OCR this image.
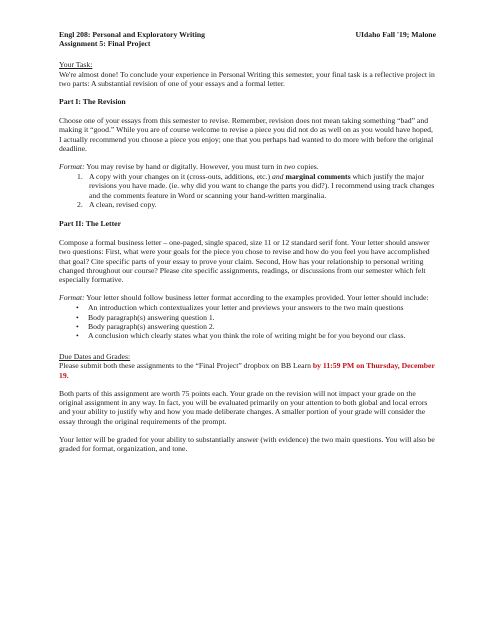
Engl 208: Personal and Exploratory Writing	UIdaho Fall '19; Malone
Assignment 5: Final Project
Your Task:

We're almost done! To conclude your experience in Personal Writing this semester, your final task is a reflective project in two parts: A substantial revision of one of your essays and a formal letter.

Part I: The Revision

Choose one of your essays from this semester to revise. Remember, revision does not mean taking something “bad” and making it “good.” While you are of course welcome to revise a piece you did not do as well on as you would have hoped, I actually recommend you choose a piece you enjoy; one that you perhaps had wanted to do more with before the original deadline.

Format: You may revise by hand or digitally. However, you must turn in two copies.

1. A copy with your changes on it (cross-outs, additions, etc.) and marginal comments which justify the major revisions you have made. (ie. why did you want to change the parts you did?). I recommend using track changes and the comments feature in Word or scanning your hand-written marginalia.
2. A clean, revised copy.
Part II: The Letter

Compose a formal business letter – one-paged, single spaced, size 11 or 12 standard serif font. Your letter should answer two questions: First, what were your goals for the piece you chose to revise and how do you feel you have accomplished that goal? Cite specific parts of your essay to prove your claim. Second, How has your relationship to personal writing changed throughout our course? Please cite specific assignments, readings, or discussions from our semester which felt especially formative.

Format: Your letter should follow business letter format according to the examples provided. Your letter should include:

•	An introduction which contextualizes your letter and previews your answers to the two main questions
•	Body paragraph(s) answering question 1.
•	Body paragraph(s) answering question 2.
•	A conclusion which clearly states what you think the role of writing might be for you beyond our class.
Due Dates and Grades:

Please submit both these assignments to the “Final Project” dropbox on BB Learn by 11:59 PM on Thursday, December 19.

Both parts of this assignment are worth 75 points each. Your grade on the revision will not impact your grade on the original assignment in any way. In fact, you will be evaluated primarily on your attention to both global and local errors and your ability to justify why and how you made deliberate changes. A smaller portion of your grade will consider the essay through the original requirements of the prompt.

Your letter will be graded for your ability to substantially answer (with evidence) the two main questions. You will also be graded for format, organization, and tone.
